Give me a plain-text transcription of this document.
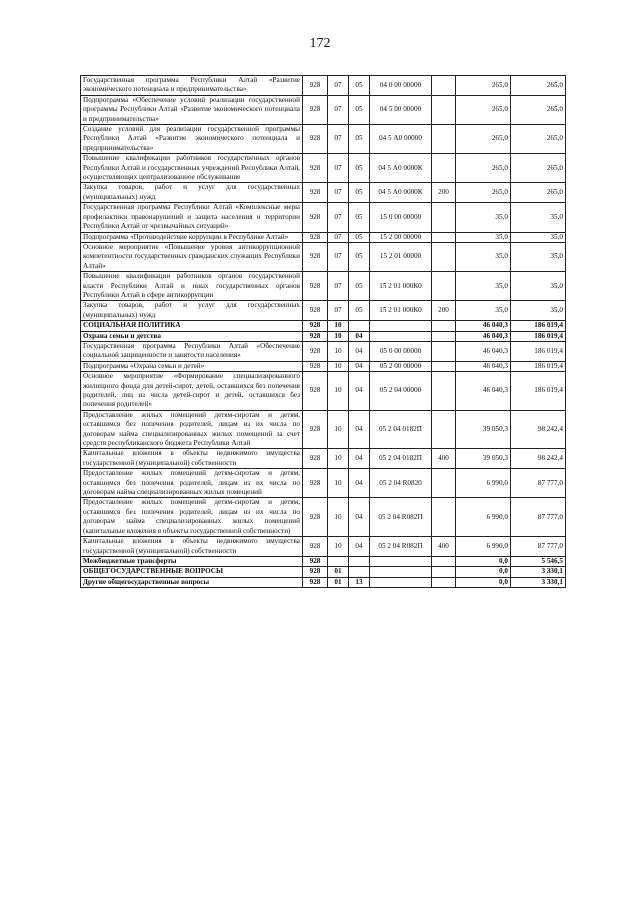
172
Государственная программа Республики Алтай «Развитие экономического потенциала и предпринимательства»	928	07	05	04 0 00 00000		265,0	265,0
Подпрограмма «Обеспечение условий реализации государственной программы Республики Алтай «Развитие экономического потенциала и предпринимательства»	928	07	05	04 5 00 00000		265,0	265,0
Создание условий для реализации государственной программы Республики Алтай «Развитие экономического потенциала и предпринимательства»	928	07	05	04 5 А0 00000		265,0	265,0
Повышение квалификации работников государственных органов Республики Алтай и государственных учреждений Республики Алтай, осуществляющих централизованное обслуживание	928	07	05	04 5 А0 0000К		265,0	265,0
Закупка товаров, работ и услуг для государственных (муниципальных) нужд	928	07	05	04 5 А0 0000К	200	265,0	265,0
Государственная программа Республики Алтай «Комплексные меры профилактики правонарушений и защита населения и территории Республики Алтай от чрезвычайных ситуаций»	928	07	05	15 0 00 00000		35,0	35,0
Подпрограмма «Противодействие коррупции в Республике Алтай»	928	07	05	15 2 00 00000		35,0	35,0
Основное мероприятие «Повышение уровня антикоррупционной компетентности государственных гражданских служащих Республики Алтай»	928	07	05	15 2 01 00000		35,0	35,0
Повышение квалификации работников органов государственной власти Республики Алтай и иных государственных органов Республики Алтай в сфере антикоррупции	928	07	05	15 2 01 000К0		35,0	35,0
Закупка товаров, работ и услуг для государственных (муниципальных) нужд	928	07	05	15 2 01 000К0	200	35,0	35,0
СОЦИАЛЬНАЯ ПОЛИТИКА	928	10				46 040,3	186 019,4
Охрана семьи и детства	928	10	04			46 040,3	186 019,4
Государственная программа Республики Алтай «Обеспечение социальной защищенности и занятости населения»	928	10	04	05 0 00 00000		46 040,3	186 019,4
Подпрограмма «Охрана семьи и детей»	928	10	04	05 2 00 00000		46 040,3	186 019,4
Основное мероприятие «Формирование специализированного жилищного фонда для детей-сирот, детей, оставшихся без попечения родителей, лиц из числа детей-сирот и детей, оставшихся без попечения родителей»	928	10	04	05 2 04 00000		46 040,3	186 019,4
Предоставление жилых помещений детям-сиротам и детям, оставшимся без попечения родителей, лицам из их числа по договорам найма специализированных жилых помещений за счет средств республиканского бюджета Республики Алтай	928	10	04	05 2 04 0182П		39 050,3	98 242,4
Капитальные вложения в объекты недвижимого имущества государственной (муниципальной) собственности	928	10	04	05 2 04 0182П	400	39 050,3	98 242,4
Предоставление жилых помещений детям-сиротам и детям, оставшимся без попечения родителей, лицам из их числа по договорам найма специализированных жилых помещений	928	10	04	05 2 04 R0820		6 990,0	87 777,0
Предоставление жилых помещений детям-сиротам и детям, оставшимся без попечения родителей, лицам из их числа по договорам найма специализированных жилых помещений (капитальные вложения в объекты государственной собственности)	928	10	04	05 2 04 R082П		6 990,0	87 777,0
Капитальные вложения в объекты недвижимого имущества государственной (муниципальной) собственности	928	10	04	05 2 04 R082П	400	6 990,0	87 777,0
Межбюджетные трансферты	928					0,0	5 546,5
ОБЩЕГОСУДАРСТВЕННЫЕ ВОПРОСЫ	928	01				0,0	3 330,1
Другие общегосударственные вопросы	928	01	13			0,0	3 330,1
